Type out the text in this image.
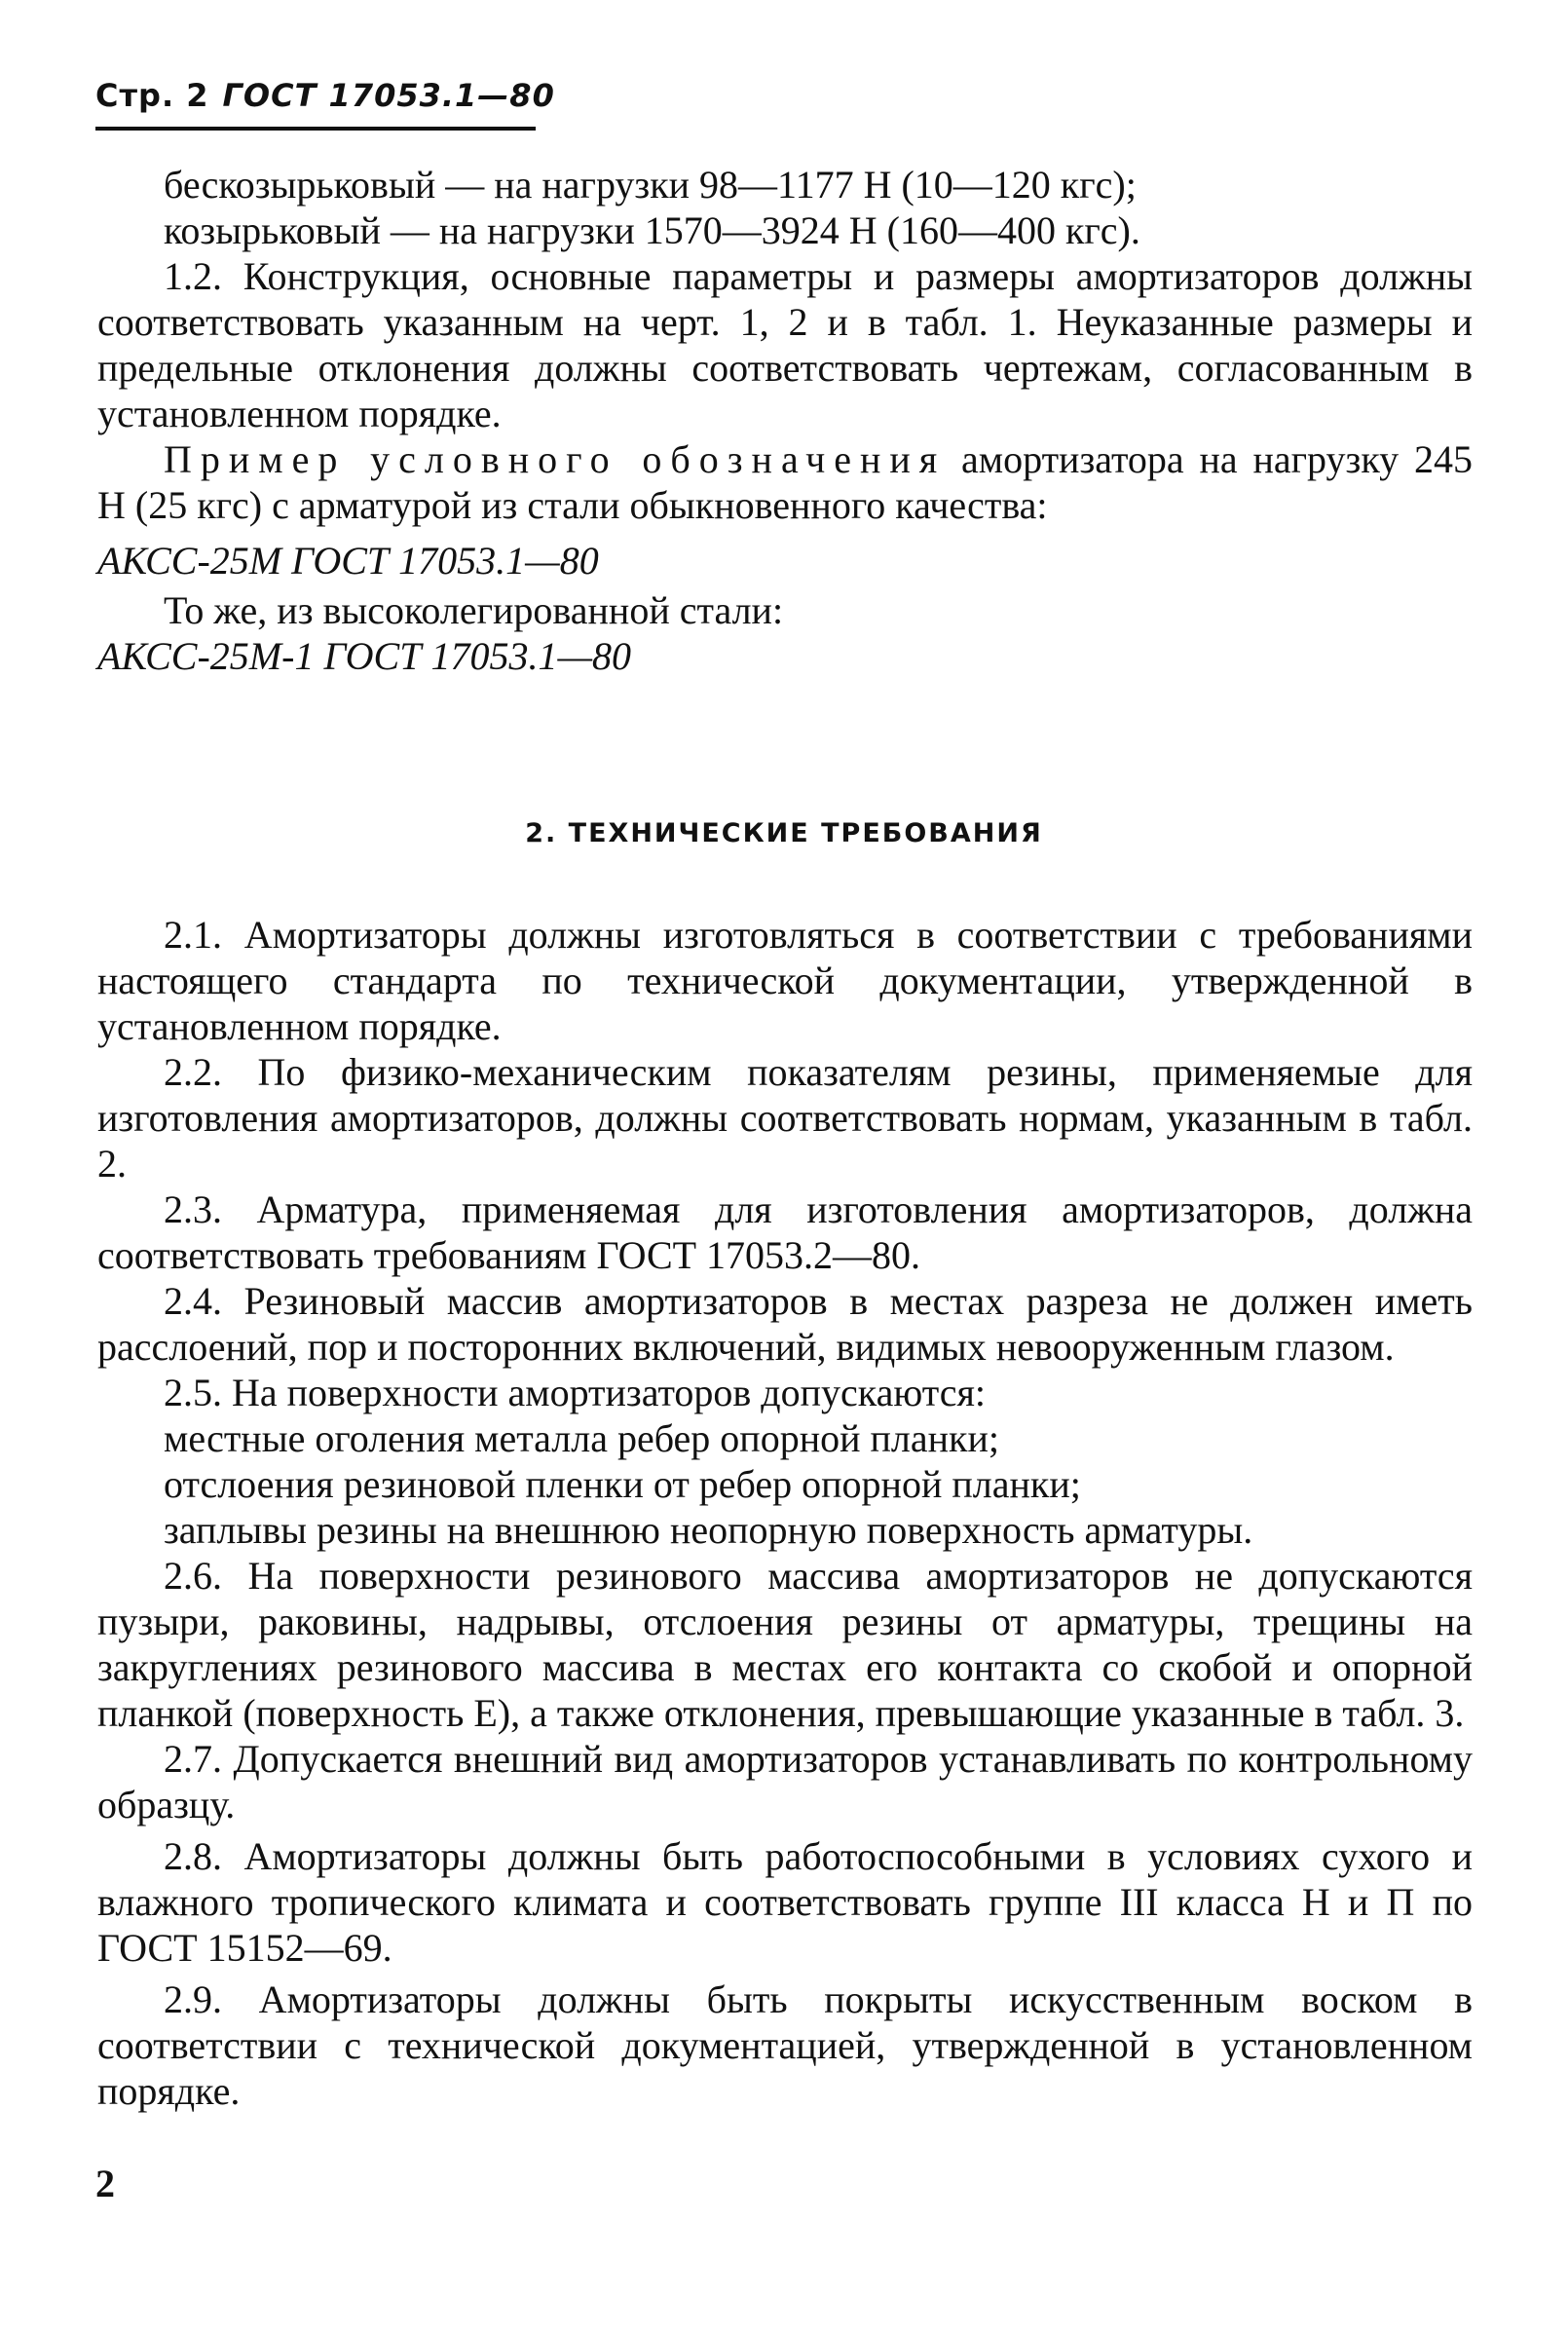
Стр. 2 ГОСТ 17053.1—80

бескозырьковый — на нагрузки 98—1177 Н (10—120 кгс);

козырьковый — на нагрузки 1570—3924 Н (160—400 кгс).

1.2. Конструкция, основные параметры и размеры амортизаторов должны соответствовать указанным на черт. 1, 2 и в табл. 1. Неуказанные размеры и предельные отклонения должны соответствовать чертежам, согласованным в установленном порядке.

Пример условного обозначения амортизатора на нагрузку 245 Н (25 кгс) с арматурой из стали обыкновенного качества:

АКСС-25М ГОСТ 17053.1—80

То же, из высоколегированной стали:

АКСС-25М-1 ГОСТ 17053.1—80

2. ТЕХНИЧЕСКИЕ ТРЕБОВАНИЯ

2.1. Амортизаторы должны изготовляться в соответствии с требованиями настоящего стандарта по технической документации, утвержденной в установленном порядке.

2.2. По физико-механическим показателям резины, применяемые для изготовления амортизаторов, должны соответствовать нормам, указанным в табл. 2.

2.3. Арматура, применяемая для изготовления амортизаторов, должна соответствовать требованиям ГОСТ 17053.2—80.

2.4. Резиновый массив амортизаторов в местах разреза не должен иметь расслоений, пор и посторонних включений, видимых невооруженным глазом.

2.5. На поверхности амортизаторов допускаются:

местные оголения металла ребер опорной планки;

отслоения резиновой пленки от ребер опорной планки;

заплывы резины на внешнюю неопорную поверхность арматуры.

2.6. На поверхности резинового массива амортизаторов не допускаются пузыри, раковины, надрывы, отслоения резины от арматуры, трещины на закруглениях резинового массива в местах его контакта со скобой и опорной планкой (поверхность Е), а также отклонения, превышающие указанные в табл. 3.

2.7. Допускается внешний вид амортизаторов устанавливать по контрольному образцу.

2.8. Амортизаторы должны быть работоспособными в условиях сухого и влажного тропического климата и соответствовать группе III класса Н и П по ГОСТ 15152—69.

2.9. Амортизаторы должны быть покрыты искусственным воском в соответствии с технической документацией, утвержденной в установленном порядке.

2
